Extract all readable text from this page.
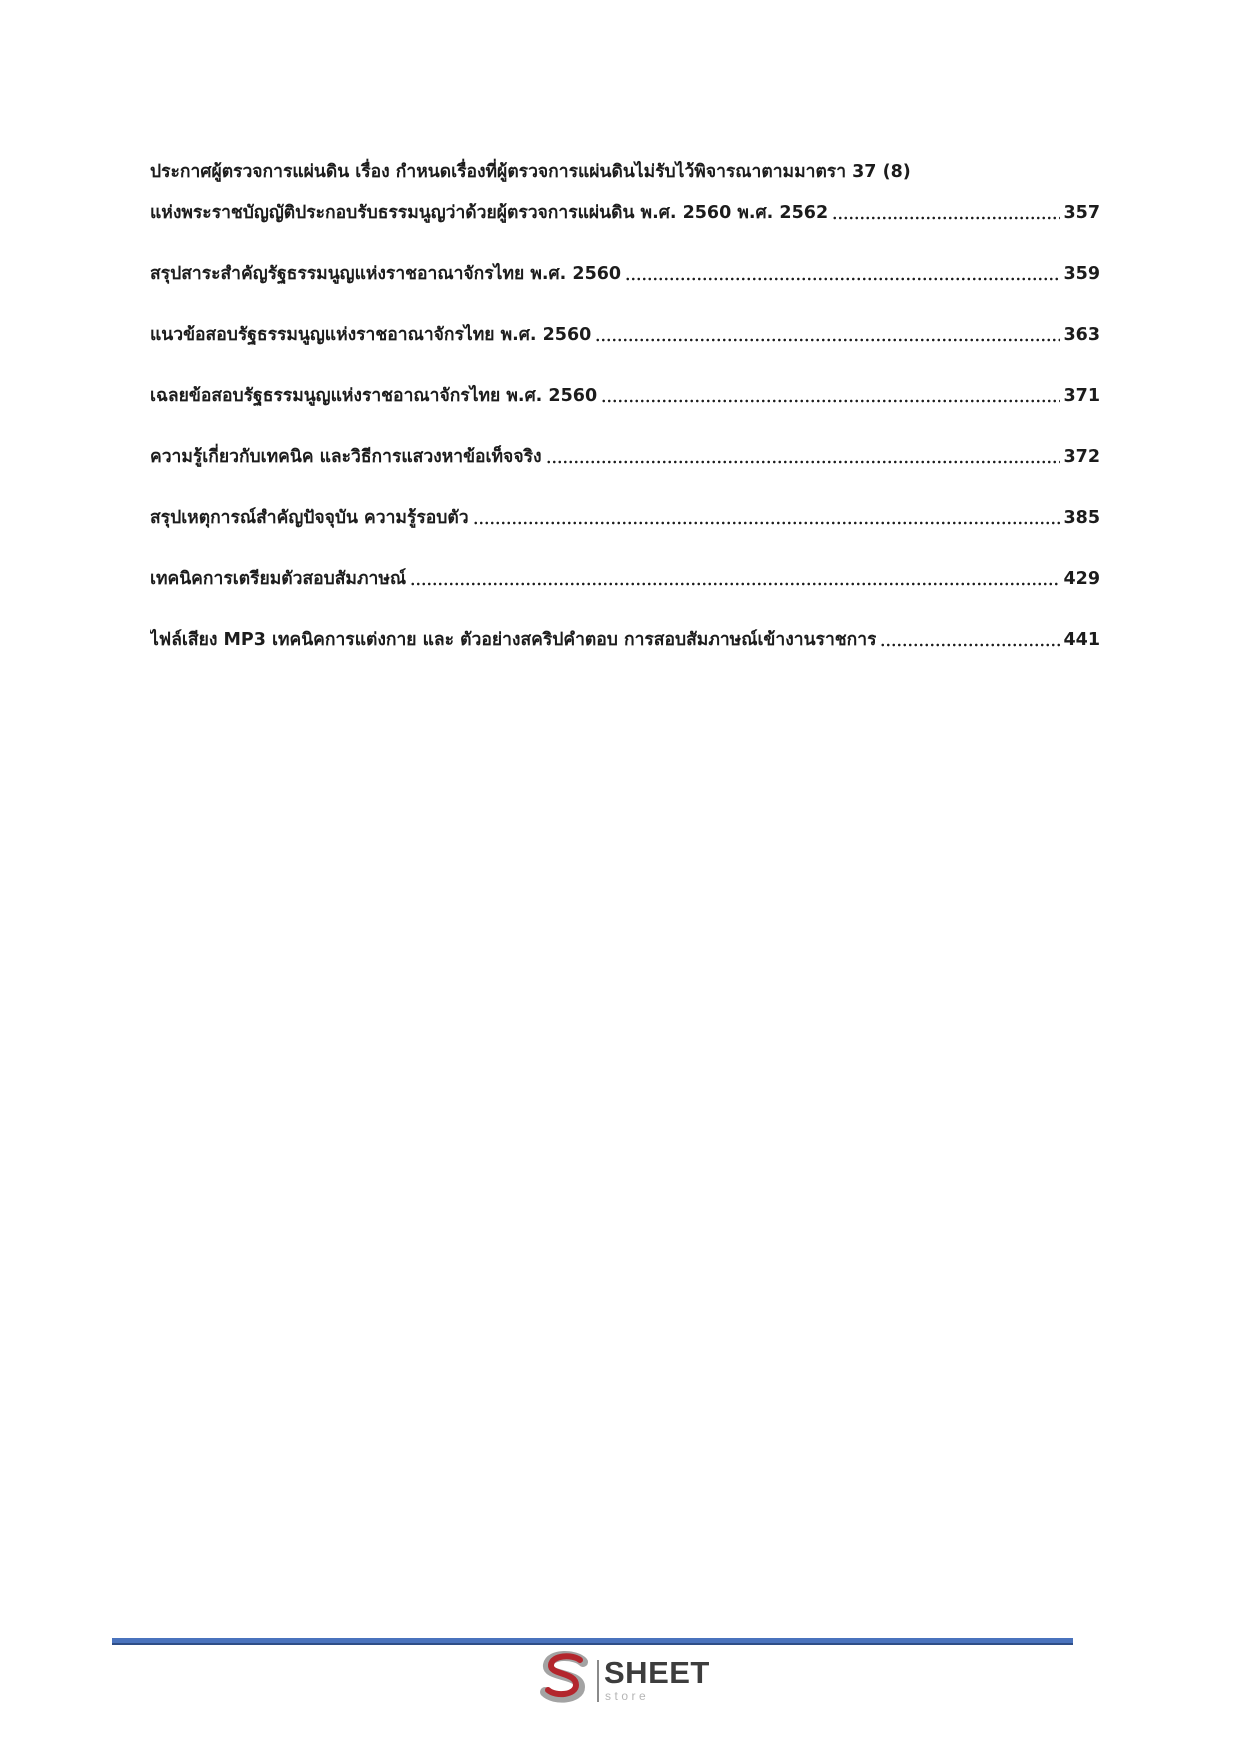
ประกาศผู้ตรวจการแผ่นดิน เรื่อง กำหนดเรื่องที่ผู้ตรวจการแผ่นดินไม่รับไว้พิจารณาตามมาตรา 37 (8)
แห่งพระราชบัญญัติประกอบรับธรรมนูญว่าด้วยผู้ตรวจการแผ่นดิน พ.ศ. 2560 พ.ศ. 2562	357
สรุปสาระสำคัญรัฐธรรมนูญแห่งราชอาณาจักรไทย พ.ศ. 2560	359
แนวข้อสอบรัฐธรรมนูญแห่งราชอาณาจักรไทย พ.ศ. 2560	363
เฉลยข้อสอบรัฐธรรมนูญแห่งราชอาณาจักรไทย พ.ศ. 2560	371
ความรู้เกี่ยวกับเทคนิค และวิธีการแสวงหาข้อเท็จจริง	372
สรุปเหตุการณ์สำคัญปัจจุบัน ความรู้รอบตัว	385
เทคนิคการเตรียมตัวสอบสัมภาษณ์	429
ไฟล์เสียง MP3 เทคนิคการแต่งกาย และ ตัวอย่างสคริปคำตอบ การสอบสัมภาษณ์เข้างานราชการ	441
SHEET
store
